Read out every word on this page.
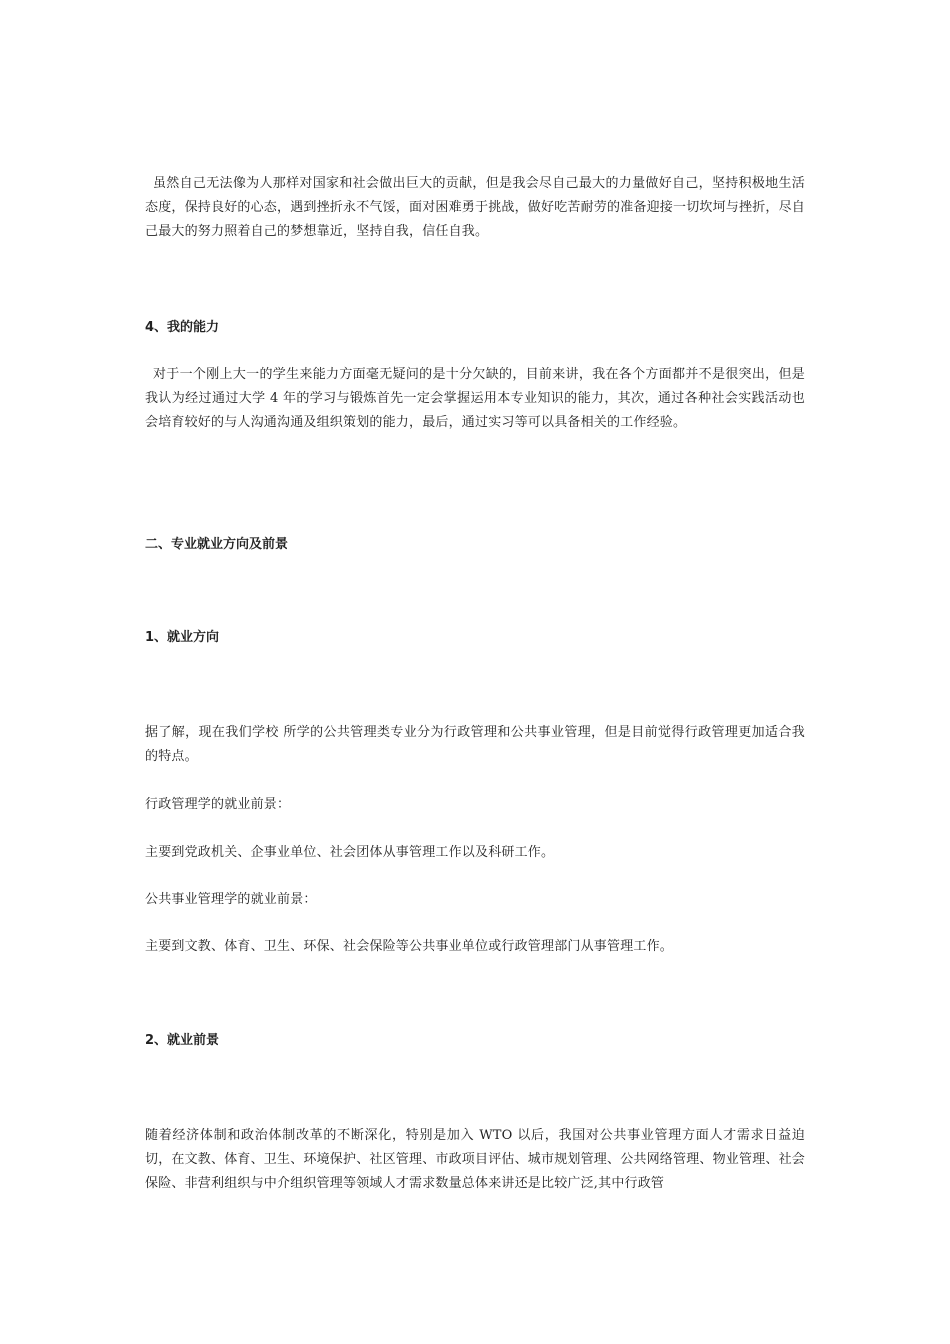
虽然自己无法像为人那样对国家和社会做出巨大的贡献，但是我会尽自己最大的力量做好自己，坚持积极地生活态度，保持良好的心态，遇到挫折永不气馁，面对困难勇于挑战，做好吃苦耐劳的准备迎接一切坎坷与挫折，尽自己最大的努力照着自己的梦想靠近，坚持自我，信任自我。

4、我的能力

对于一个刚上大一的学生来能力方面毫无疑问的是十分欠缺的，目前来讲，我在各个方面都并不是很突出，但是我认为经过通过大学 4 年的学习与锻炼首先一定会掌握运用本专业知识的能力，其次，通过各种社会实践活动也会培育较好的与人沟通沟通及组织策划的能力，最后，通过实习等可以具备相关的工作经验。

二、专业就业方向及前景

1、就业方向

据了解，现在我们学校 所学的公共管理类专业分为行政管理和公共事业管理，但是目前觉得行政管理更加适合我的特点。

行政管理学的就业前景：

主要到党政机关、企事业单位、社会团体从事管理工作以及科研工作。

公共事业管理学的就业前景：

主要到文教、体育、卫生、环保、社会保险等公共事业单位或行政管理部门从事管理工作。

2、就业前景

随着经济体制和政治体制改革的不断深化，特别是加入 WTO 以后，我国对公共事业管理方面人才需求日益迫切，在文教、体育、卫生、环境保护、社区管理、市政项目评估、城市规划管理、公共网络管理、物业管理、社会保险、非营利组织与中介组织管理等领域人才需求数量总体来讲还是比较广泛,其中行政管
